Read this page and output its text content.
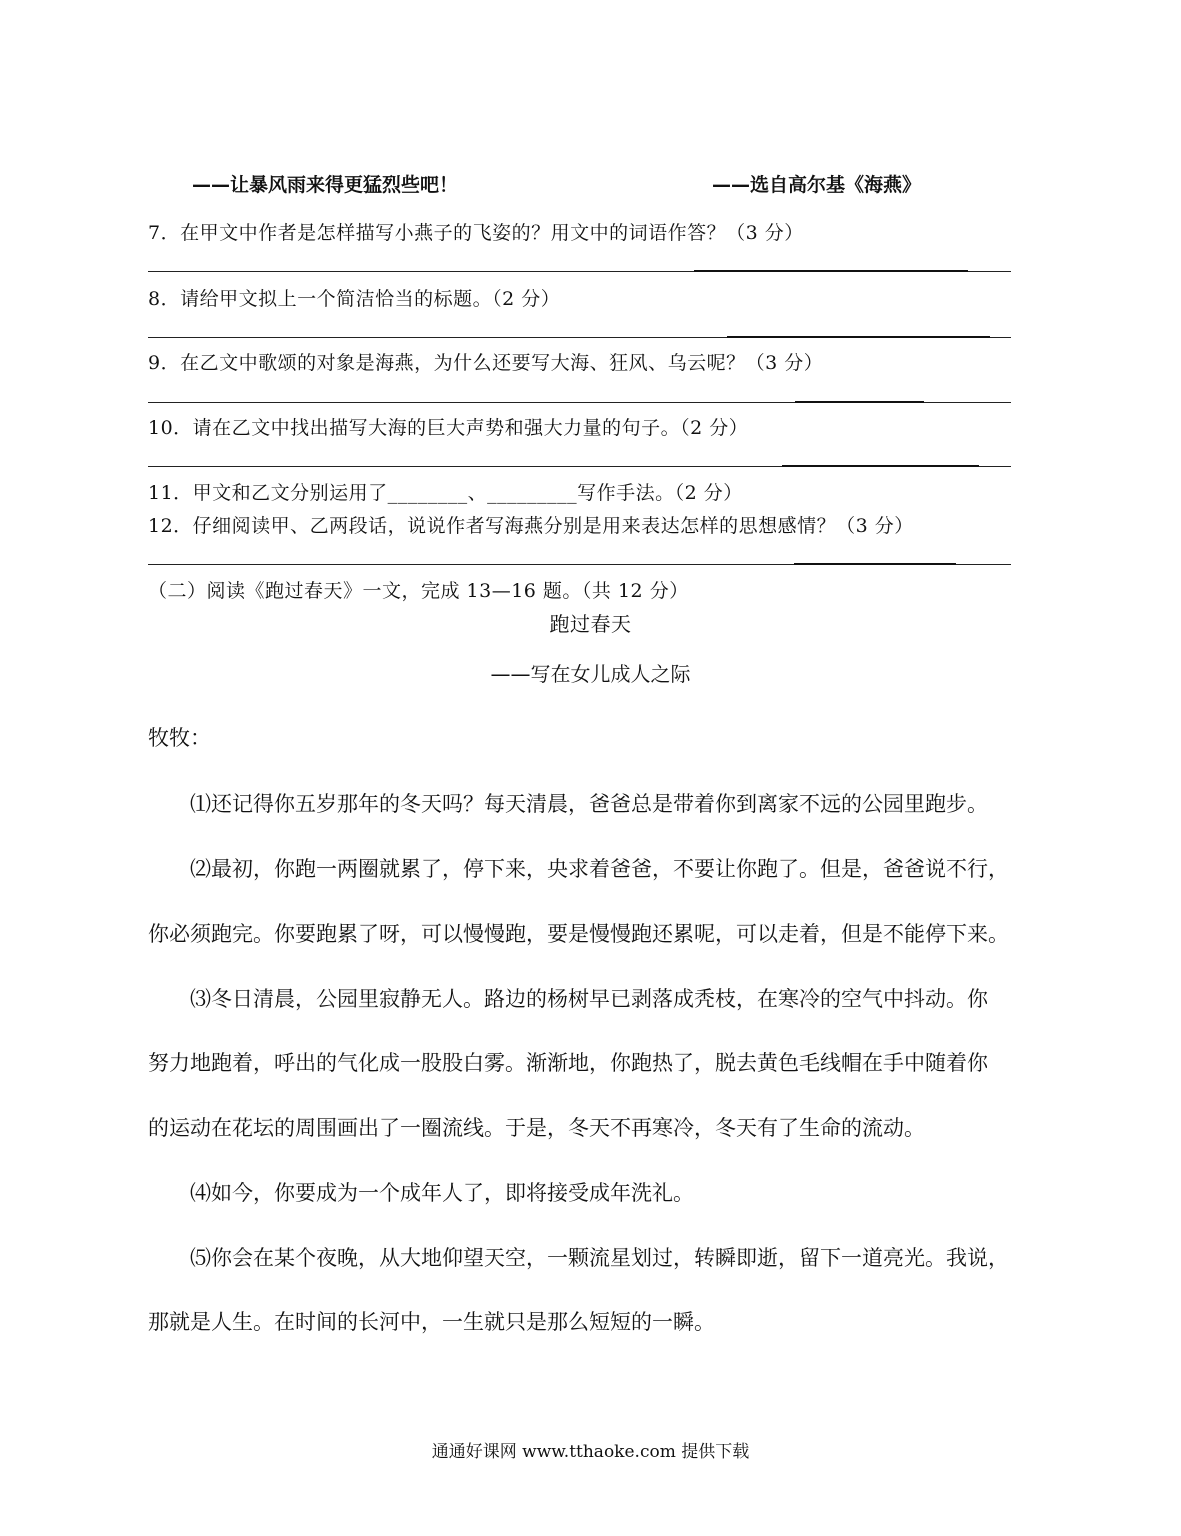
——让暴风雨来得更猛烈些吧！	——选自高尔基《海燕》
7．在甲文中作者是怎样描写小燕子的飞姿的？用文中的词语作答？（3 分）
8．请给甲文拟上一个简洁恰当的标题。（2 分）
9．在乙文中歌颂的对象是海燕，为什么还要写大海、狂风、乌云呢？（3 分）
10．请在乙文中找出描写大海的巨大声势和强大力量的句子。（2 分）
11．甲文和乙文分别运用了________、_________写作手法。（2 分）
12．仔细阅读甲、乙两段话，说说作者写海燕分别是用来表达怎样的思想感情？（3 分）
（二）阅读《跑过春天》一文，完成 13—16 题。（共 12 分）
跑过春天
——写在女儿成人之际
牧牧：
⑴还记得你五岁那年的冬天吗？每天清晨，爸爸总是带着你到离家不远的公园里跑步。
⑵最初，你跑一两圈就累了，停下来，央求着爸爸，不要让你跑了。但是，爸爸说不行，
你必须跑完。你要跑累了呀，可以慢慢跑，要是慢慢跑还累呢，可以走着，但是不能停下来。
⑶冬日清晨，公园里寂静无人。路边的杨树早已剥落成秃枝，在寒冷的空气中抖动。你
努力地跑着，呼出的气化成一股股白雾。渐渐地，你跑热了，脱去黄色毛线帽在手中随着你
的运动在花坛的周围画出了一圈流线。于是，冬天不再寒冷，冬天有了生命的流动。
⑷如今，你要成为一个成年人了，即将接受成年洗礼。
⑸你会在某个夜晚，从大地仰望天空，一颗流星划过，转瞬即逝，留下一道亮光。我说，
那就是人生。在时间的长河中，一生就只是那么短短的一瞬。
通通好课网 www.tthaoke.com 提供下载
